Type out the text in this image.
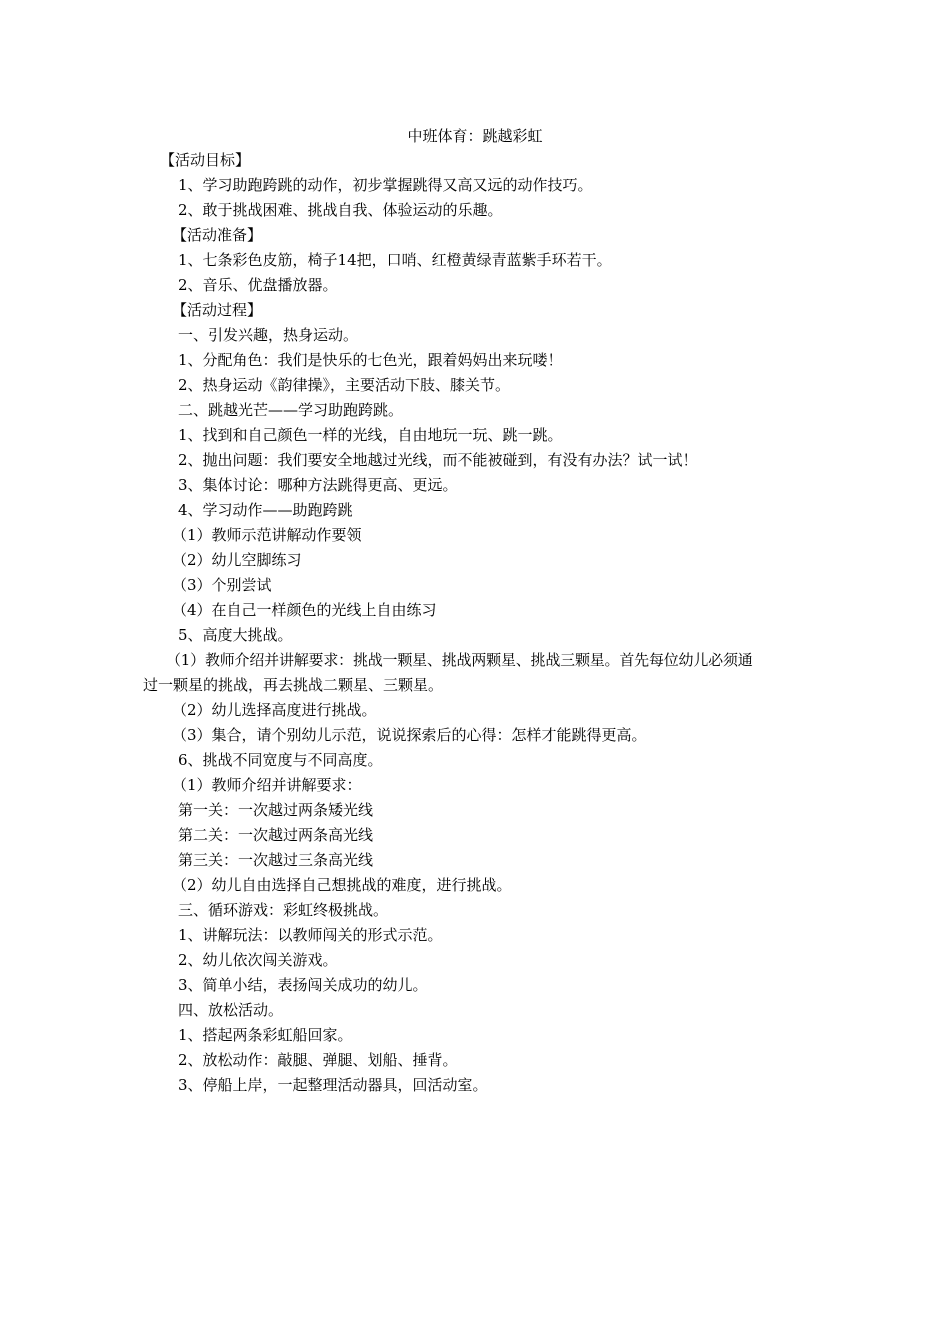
中班体育：跳越彩虹
【活动目标】
1、学习助跑跨跳的动作，初步掌握跳得又高又远的动作技巧。
2、敢于挑战困难、挑战自我、体验运动的乐趣。
【活动准备】
1、七条彩色皮筋，椅子14把，口哨、红橙黄绿青蓝紫手环若干。
2、音乐、优盘播放器。
【活动过程】
一、引发兴趣，热身运动。
1、分配角色：我们是快乐的七色光，跟着妈妈出来玩喽！
2、热身运动《韵律操》，主要活动下肢、膝关节。
二、跳越光芒——学习助跑跨跳。
1、找到和自己颜色一样的光线，自由地玩一玩、跳一跳。
2、抛出问题：我们要安全地越过光线，而不能被碰到，有没有办法？试一试！
3、集体讨论：哪种方法跳得更高、更远。
4、学习动作——助跑跨跳
（1）教师示范讲解动作要领
（2）幼儿空脚练习
（3）个别尝试
（4）在自己一样颜色的光线上自由练习
5、高度大挑战。
（1）教师介绍并讲解要求：挑战一颗星、挑战两颗星、挑战三颗星。首先每位幼儿必须通
过一颗星的挑战，再去挑战二颗星、三颗星。
（2）幼儿选择高度进行挑战。
（3）集合，请个别幼儿示范，说说探索后的心得：怎样才能跳得更高。
6、挑战不同宽度与不同高度。
（1）教师介绍并讲解要求：
第一关：一次越过两条矮光线
第二关：一次越过两条高光线
第三关：一次越过三条高光线
（2）幼儿自由选择自己想挑战的难度，进行挑战。
三、循环游戏：彩虹终极挑战。
1、讲解玩法：以教师闯关的形式示范。
2、幼儿依次闯关游戏。
3、简单小结，表扬闯关成功的幼儿。
四、放松活动。
1、搭起两条彩虹船回家。
2、放松动作：敲腿、弹腿、划船、捶背。
3、停船上岸，一起整理活动器具，回活动室。
